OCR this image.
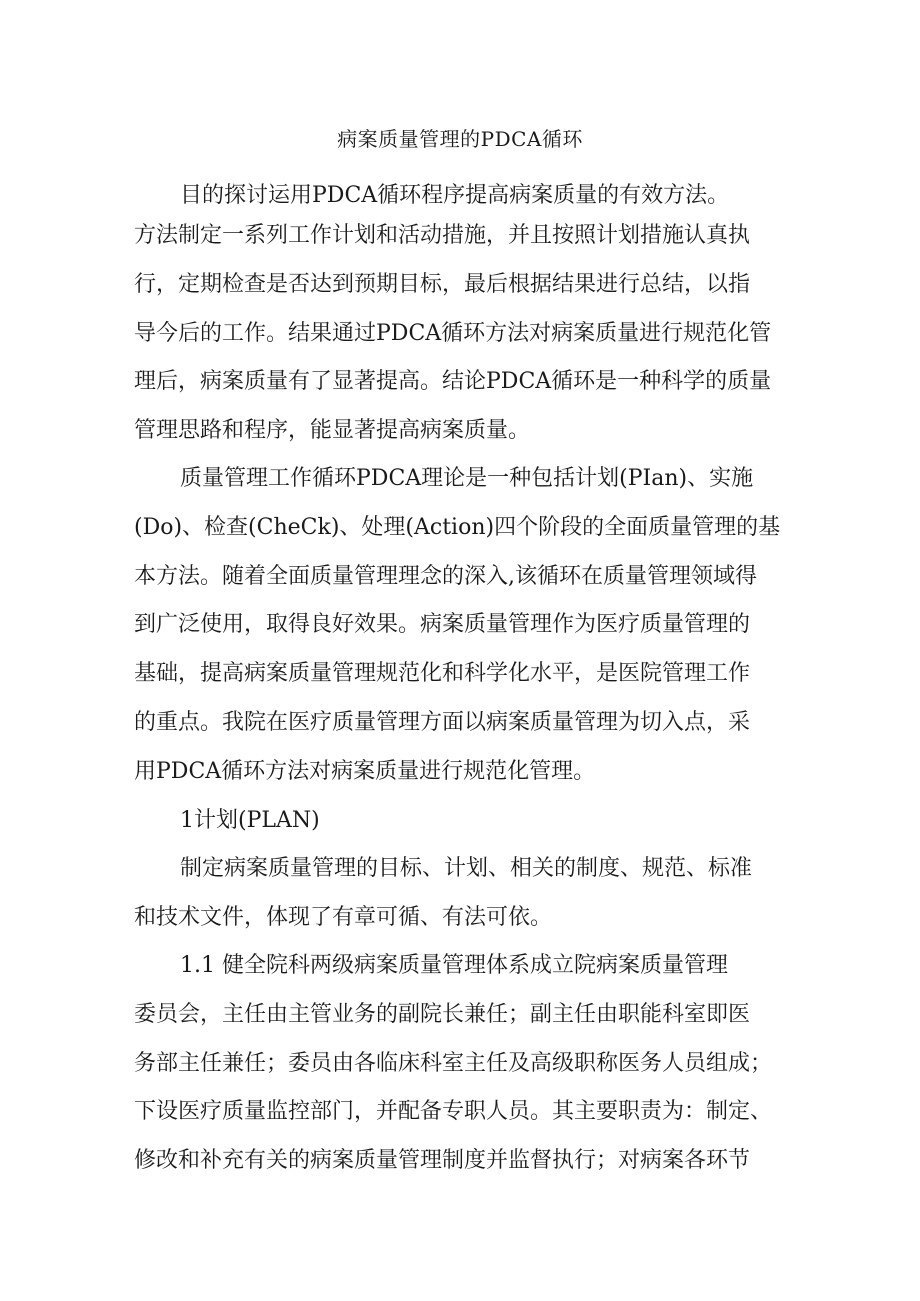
病案质量管理的PDCA循环
目的探讨运用PDCA循环程序提高病案质量的有效方法。
方法制定一系列工作计划和活动措施，并且按照计划措施认真执
行，定期检查是否达到预期目标，最后根据结果进行总结，以指
导今后的工作。结果通过PDCA循环方法对病案质量进行规范化管
理后，病案质量有了显著提高。结论PDCA循环是一种科学的质量
管理思路和程序，能显著提高病案质量。
质量管理工作循环PDCA理论是一种包括计划(PIan)、实施
(Do)、检查(CheCk)、处理(Action)四个阶段的全面质量管理的基
本方法。随着全面质量管理理念的深入,该循环在质量管理领域得
到广泛使用，取得良好效果。病案质量管理作为医疗质量管理的
基础，提高病案质量管理规范化和科学化水平，是医院管理工作
的重点。我院在医疗质量管理方面以病案质量管理为切入点，采
用PDCA循环方法对病案质量进行规范化管理。
1计划(PLAN)
制定病案质量管理的目标、计划、相关的制度、规范、标准
和技术文件，体现了有章可循、有法可依。
1.1 健全院科两级病案质量管理体系成立院病案质量管理
委员会，主任由主管业务的副院长兼任；副主任由职能科室即医
务部主任兼任；委员由各临床科室主任及高级职称医务人员组成；
下设医疗质量监控部门，并配备专职人员。其主要职责为：制定、
修改和补充有关的病案质量管理制度并监督执行；对病案各环节
